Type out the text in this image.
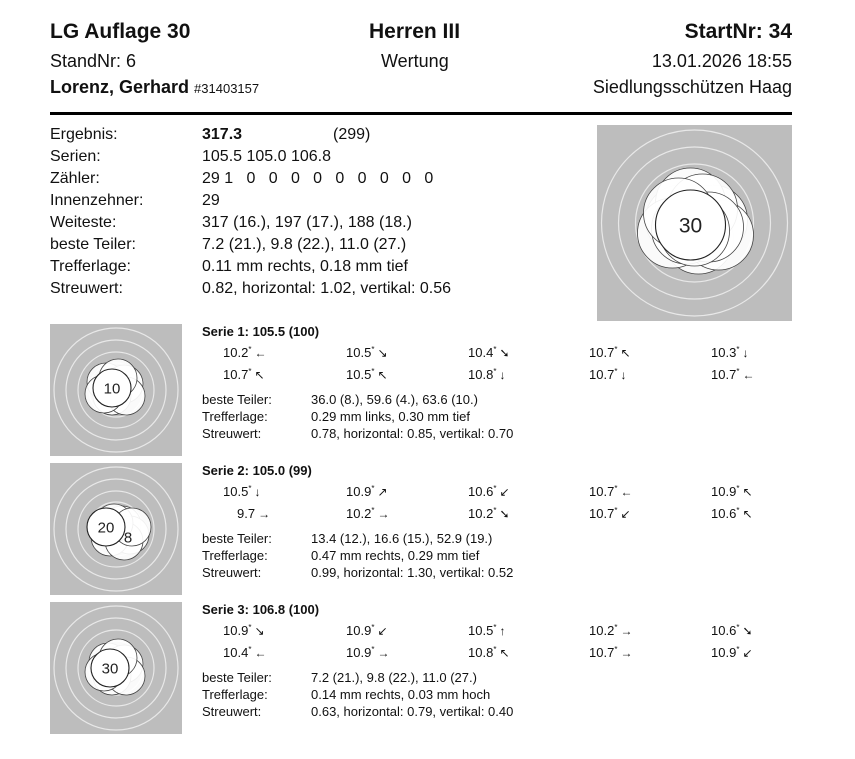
LG Auflage 30	Herren III	StartNr: 34
StandNr: 6	Wertung	13.01.2026 18:55
Lorenz, Gerhard #31403157	Siedlungsschützen Haag
Ergebnis:	317.3	(299)
Serien:	105.5 105.0 106.8
Zähler:	29 1   0   0   0   0   0   0   0   0   0
Innenzehner:	29
Weiteste:	317 (16.), 197 (17.), 188 (18.)
beste Teiler:	7.2 (21.), 9.8 (22.), 11.0 (27.)
Trefferlage:	0.11 mm rechts, 0.18 mm tief
Streuwert:	0.82, horizontal: 1.02, vertikal: 0.56
30
10
Serie 1: 105.5 (100)
10.2* ←	10.5* ↘	10.4* ➘	10.7* ↖	10.3* ↓
10.7* ↖	10.5* ↖	10.8* ↓	10.7* ↓	10.7* ←
beste Teiler:	36.0 (8.), 59.6 (4.), 63.6 (10.)
Trefferlage:	0.29 mm links, 0.30 mm tief
Streuwert:	0.78, horizontal: 0.85, vertikal: 0.70
20
8
Serie 2: 105.0 (99)
10.5* ↓	10.9* ↗	10.6* ↙	10.7* ←	10.9* ↖
9.7 →	10.2* →	10.2* ➘	10.7* ↙	10.6* ↖
beste Teiler:	13.4 (12.), 16.6 (15.), 52.9 (19.)
Trefferlage:	0.47 mm rechts, 0.29 mm tief
Streuwert:	0.99, horizontal: 1.30, vertikal: 0.52
30
Serie 3: 106.8 (100)
10.9* ↘	10.9* ↙	10.5* ↑	10.2* →	10.6* ➘
10.4* ←	10.9* →	10.8* ↖	10.7* →	10.9* ↙
beste Teiler:	7.2 (21.), 9.8 (22.), 11.0 (27.)
Trefferlage:	0.14 mm rechts, 0.03 mm hoch
Streuwert:	0.63, horizontal: 0.79, vertikal: 0.40
